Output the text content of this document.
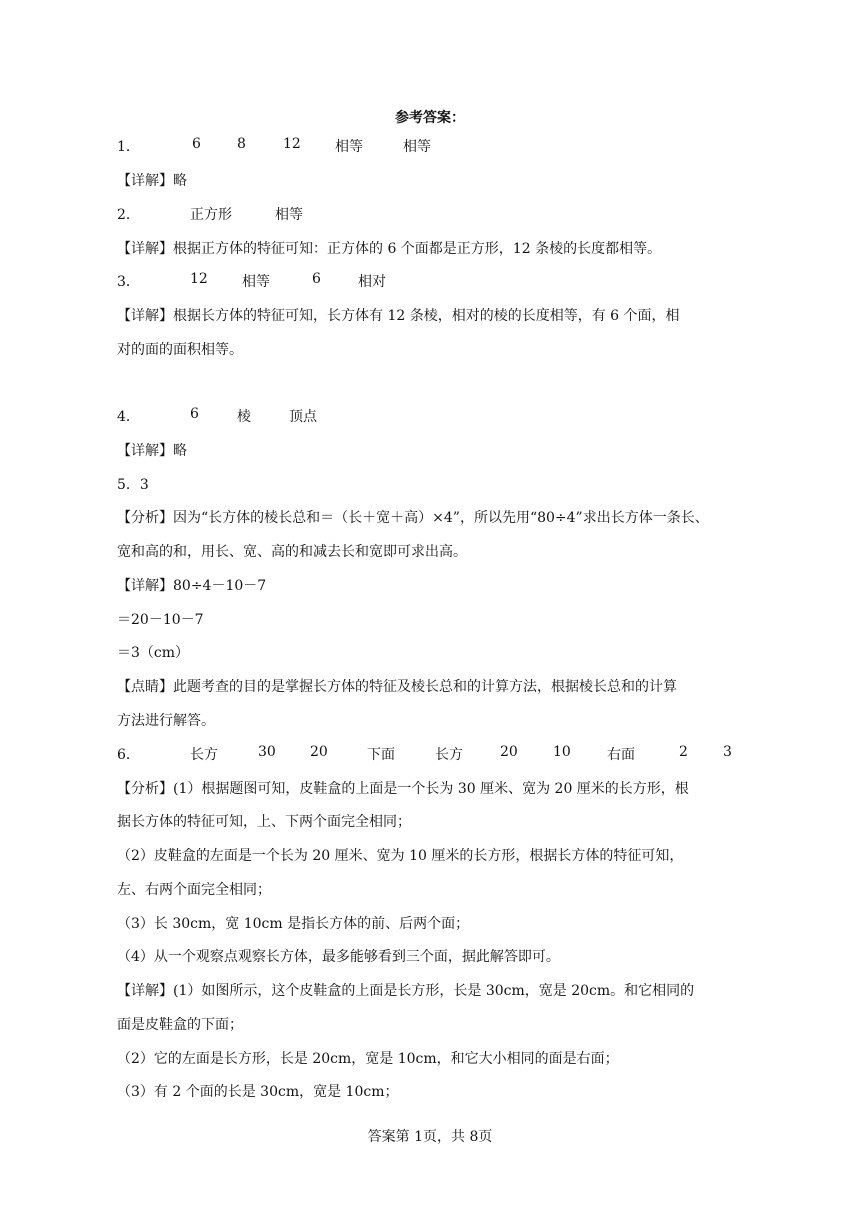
参考答案：
1．	6	8	12 相等	相等
【详解】略
2．	正方形	相等
【详解】根据正方体的特征可知：正方体的 6 个面都是正方形，12 条棱的长度都相等。
3．	12 相等	6	相对
【详解】根据长方体的特征可知，长方体有 12 条棱，相对的棱的长度相等，有 6 个面，相
对的面的面积相等。
4．	6	棱	顶点
【详解】略
5．3
【分析】因为“长方体的棱长总和＝（长＋宽＋高）×4”，所以先用“80÷4”求出长方体一条长、
宽和高的和，用长、宽、高的和减去长和宽即可求出高。
【详解】80÷4－10－7
＝20－10－7
＝3（cm）
【点睛】此题考查的目的是掌握长方体的特征及棱长总和的计算方法，根据棱长总和的计算
方法进行解答。
6．	长方	30 20	下面	长方	20	10	右面	2	3
【分析】(1）根据题图可知，皮鞋盒的上面是一个长为 30 厘米、宽为 20 厘米的长方形，根
据长方体的特征可知，上、下两个面完全相同；
（2）皮鞋盒的左面是一个长为 20 厘米、宽为 10 厘米的长方形，根据长方体的特征可知，
左、右两个面完全相同；
（3）长 30cm，宽 10cm 是指长方体的前、后两个面；
（4）从一个观察点观察长方体，最多能够看到三个面，据此解答即可。
【详解】(1）如图所示，这个皮鞋盒的上面是长方形，长是 30cm，宽是 20cm。和它相同的
面是皮鞋盒的下面；
（2）它的左面是长方形，长是 20cm，宽是 10cm，和它大小相同的面是右面；
（3）有 2 个面的长是 30cm，宽是 10cm；
答案第 1页，共 8页
